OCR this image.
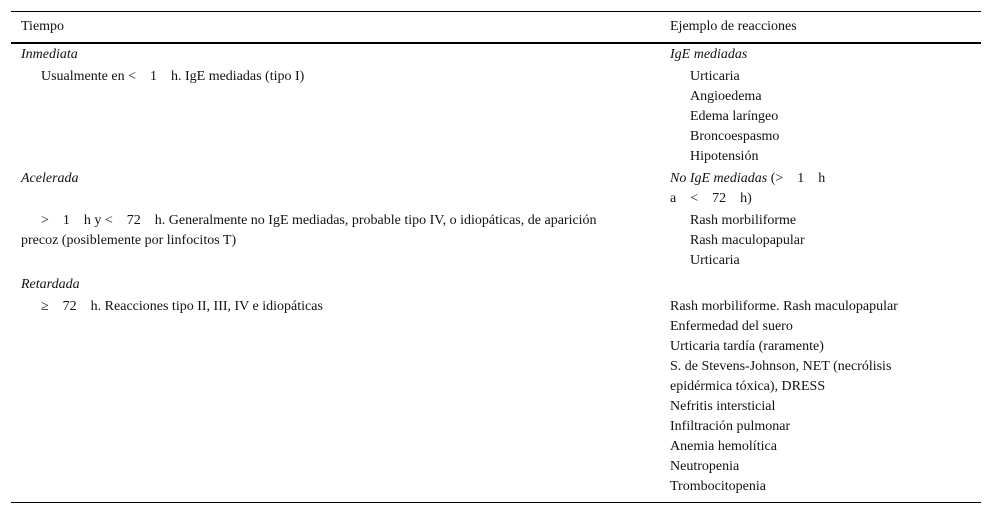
Tiempo	Ejemplo de reacciones
Inmediata
Usualmente en < 1 h. IgE mediadas (tipo I)
IgE mediadas
Urticaria
Angioedema
Edema laríngeo
Broncoespasmo
Hipotensión
Acelerada
> 1 h y < 72 h. Generalmente no IgE mediadas, probable tipo IV, o idiopáticas, de aparición precoz (posiblemente por linfocitos T)
No IgE mediadas (> 1 h
a < 72 h)
Rash morbiliforme
Rash maculopapular
Urticaria
Retardada
≥ 72 h. Reacciones tipo II, III, IV e idiopáticas	Rash morbiliforme. Rash maculopapular
Enfermedad del suero
Urticaria tardía (raramente)
S. de Stevens-Johnson, NET (necrólisis
epidérmica tóxica), DRESS
Nefritis intersticial
Infiltración pulmonar
Anemia hemolítica
Neutropenia
Trombocitopenia
